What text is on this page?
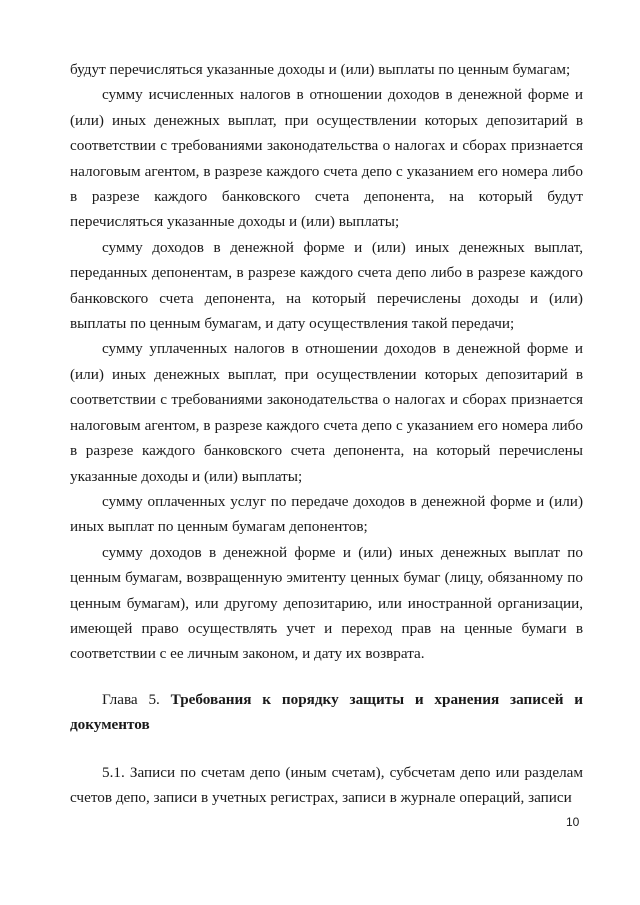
будут перечисляться указанные доходы и (или) выплаты по ценным бумагам;

сумму исчисленных налогов в отношении доходов в денежной форме и (или) иных денежных выплат, при осуществлении которых депозитарий в соответствии с требованиями законодательства о налогах и сборах признается налоговым агентом, в разрезе каждого счета депо с указанием его номера либо в разрезе каждого банковского счета депонента, на который будут перечисляться указанные доходы и (или) выплаты;

сумму доходов в денежной форме и (или) иных денежных выплат, переданных депонентам, в разрезе каждого счета депо либо в разрезе каждого банковского счета депонента, на который перечислены доходы и (или) выплаты по ценным бумагам, и дату осуществления такой передачи;

сумму уплаченных налогов в отношении доходов в денежной форме и (или) иных денежных выплат, при осуществлении которых депозитарий в соответствии с требованиями законодательства о налогах и сборах признается налоговым агентом, в разрезе каждого счета депо с указанием его номера либо в разрезе каждого банковского счета депонента, на который перечислены указанные доходы и (или) выплаты;

сумму оплаченных услуг по передаче доходов в денежной форме и (или) иных выплат по ценным бумагам депонентов;

сумму доходов в денежной форме и (или) иных денежных выплат по ценным бумагам, возвращенную эмитенту ценных бумаг (лицу, обязанному по ценным бумагам), или другому депозитарию, или иностранной организации, имеющей право осуществлять учет и переход прав на ценные бумаги в соответствии с ее личным законом, и дату их возврата.

Глава 5. Требования к порядку защиты и хранения записей и документов

5.1. Записи по счетам депо (иным счетам), субсчетам депо или разделам счетов депо, записи в учетных регистрах, записи в журнале операций, записи

10
